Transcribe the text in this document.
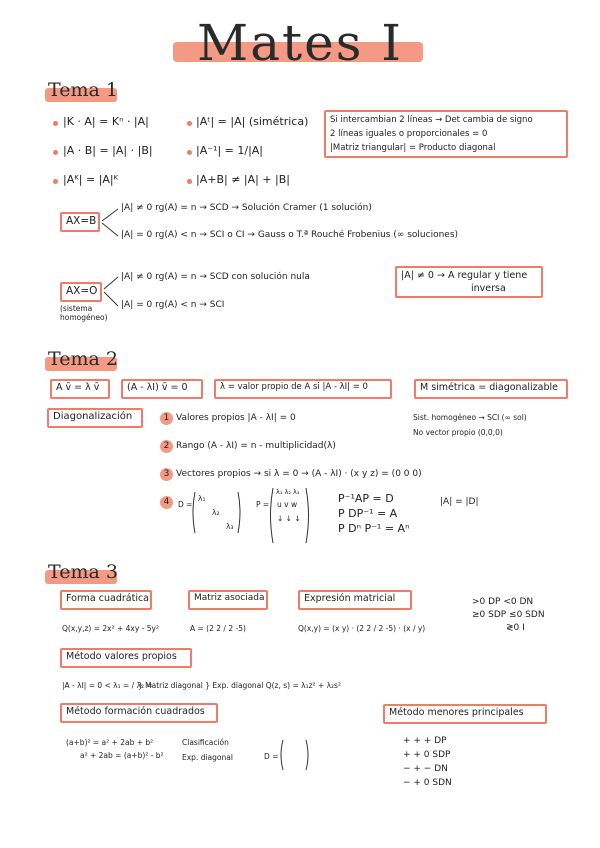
Mates I
Tema 1
|K · A| = Kⁿ · |A|
|A · B| = |A| · |B|
|Aᴷ| = |A|ᴷ
|Aᵗ| = |A| (simétrica)
|A⁻¹| = 1/|A|
|A+B| ≠ |A| + |B|
Si intercambian 2 líneas → Det cambia de signo
2 líneas iguales o proporcionales = 0
|Matriz triangular| = Producto diagonal
AX=B
|A| ≠ 0 rg(A) = n → SCD → Solución Cramer (1 solución)
|A| = 0 rg(A) < n → SCI o CI → Gauss o T.ª Rouché Frobenius (∞ soluciones)
AX=O
(sistema
homogéneo)
|A| ≠ 0 rg(A) = n → SCD con solución nula
|A| = 0 rg(A) < n → SCI
|A| ≠ 0 → A regular y tiene
inversa
Tema 2
A v̄ = λ v̄	(A - λI) v̄ = 0	λ = valor propio de A si |A - λI| = 0	M simétrica = diagonalizable
Diagonalización	1 Valores propios |A - λI| = 0
2 Rango (A - λI) = n - multiplicidad(λ)
3 Vectores propios → si λ = 0 → (A - λI) · (x y z) = (0 0 0)
4
Sist. homogéneo → SCI (∞ sol)
No vector propio (0,0,0)
D =
λ₁
λ₂
λ₃
P =
λ₁ λ₂ λ₃
u v w
↓ ↓ ↓
P⁻¹AP = D
P DP⁻¹ = A
P Dⁿ P⁻¹ = Aⁿ
|A| = |D|
Tema 3
Forma cuadrática	Matriz asociada	Expresión matricial
Q(x,y,z) = 2x² + 4xy - 5y²	A = (2 2 / 2 -5)	Q(x,y) = (x y) · (2 2 / 2 -5) · (x / y)
>0 DP <0 DN
≥0 SDP ≤0 SDN
≷0 I
Método valores propios
|A - λI| = 0 < λ₁ = / λ₂ =
} Matriz diagonal } Exp. diagonal Q(z, s) = λ₁z² + λ₂s²
Método formación cuadrados	Método menores principales
(a+b)² = a² + 2ab + b²
a² + 2ab = (a+b)² - b²
Clasificación
Exp. diagonal	D =
+ + + DP
+ + 0 SDP
− + − DN
− + 0 SDN
